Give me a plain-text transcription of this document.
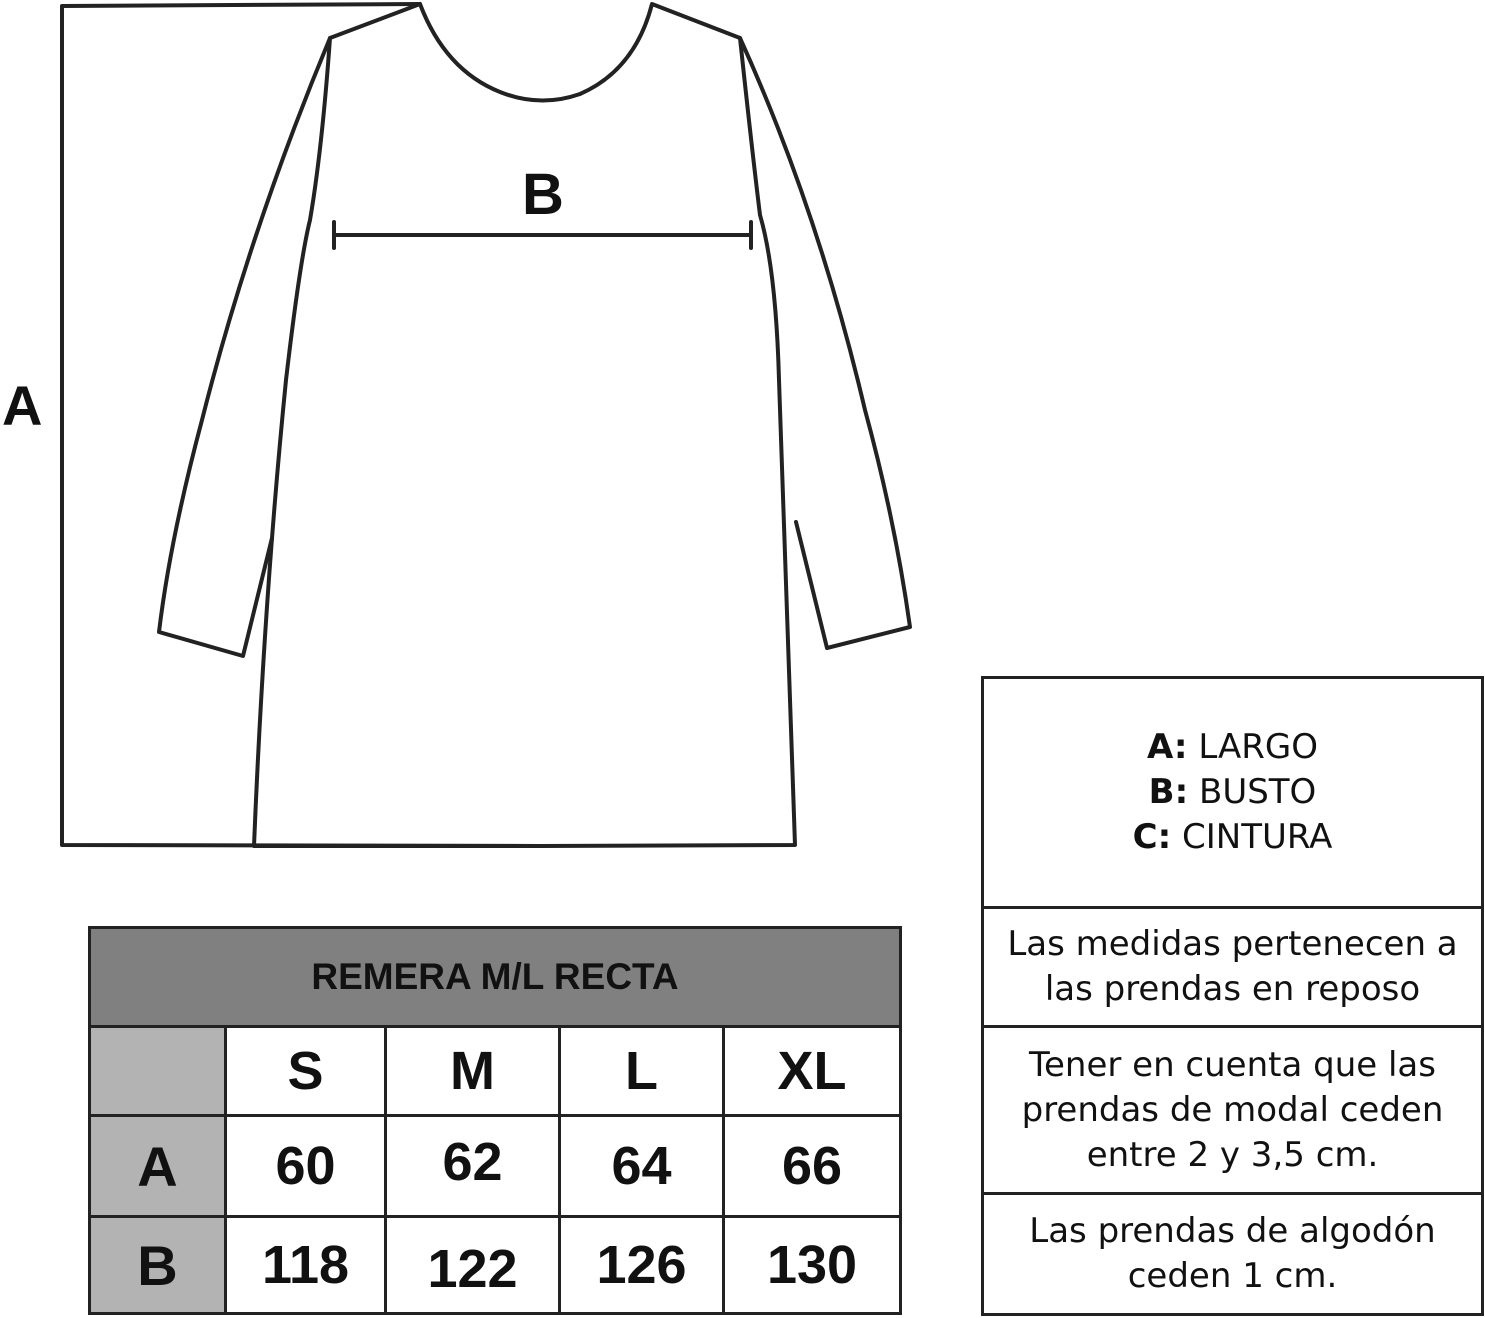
A
B
REMERA M/L RECTA				
	S	M	L	XL
A	60	62	64	66
B	118	122	126	130
A: LARGO
B: BUSTO
C: CINTURA
Las medidas pertenecen a las prendas en reposo
Tener en cuenta que las prendas de modal ceden entre 2 y 3,5 cm.
Las prendas de algodón ceden 1 cm.
